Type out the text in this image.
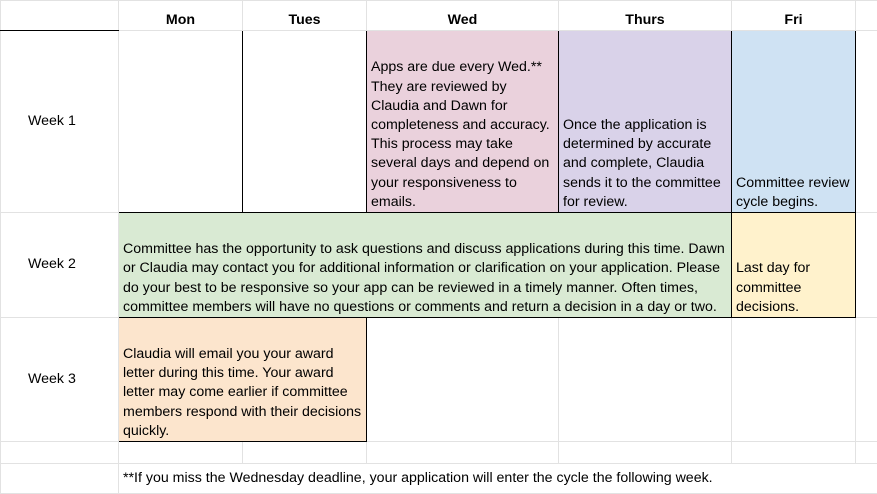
	Mon	Tues	Wed	Thurs	Fri	
Week 1			Apps are due every Wed.** They are reviewed by Claudia and Dawn for completeness and accuracy. This process may take several days and depend on your responsiveness to emails.	Once the application is determined by accurate and complete, Claudia sends it to the committee for review.	Committee review cycle begins.	
Week 2	Committee has the opportunity to ask questions and discuss applications during this time. Dawn or Claudia may contact you for additional information or clarification on your application. Please do your best to be responsive so your app can be reviewed in a timely manner. Often times, committee members will have no questions or comments and return a decision in a day or two.				Last day for committee decisions.	
Week 3	Claudia will email you your award letter during this time. Your award letter may come earlier if committee members respond with their decisions quickly.					

	**If you miss the Wednesday deadline, your application will enter the cycle the following week.					
